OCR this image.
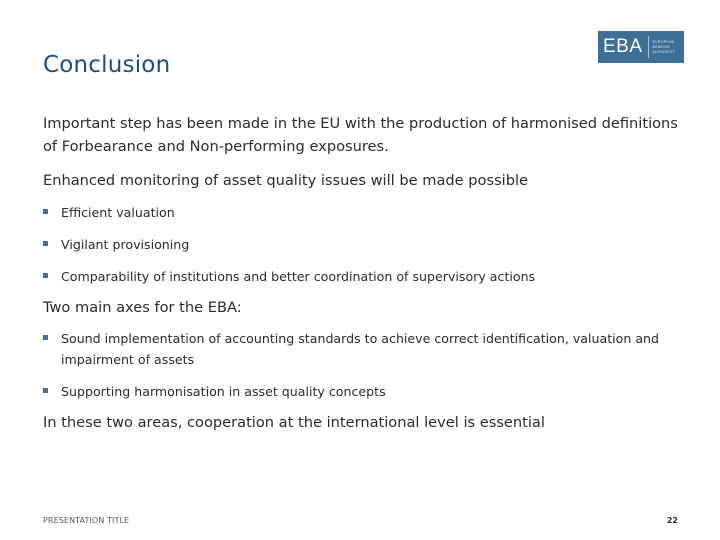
Conclusion
EBA	EUROPEAN
BANKING
AUTHORITY

Important step has been made in the EU with the production of harmonised definitions of Forbearance and Non-performing exposures.

Enhanced monitoring of asset quality issues will be made possible

Efficient valuation
Vigilant provisioning
Comparability of institutions and better coordination of supervisory actions

Two main axes for the EBA:

Sound implementation of accounting standards to achieve correct identification, valuation and impairment of assets
Supporting harmonisation in asset quality concepts

In these two areas, cooperation at the international level is essential

PRESENTATION TITLE	22
